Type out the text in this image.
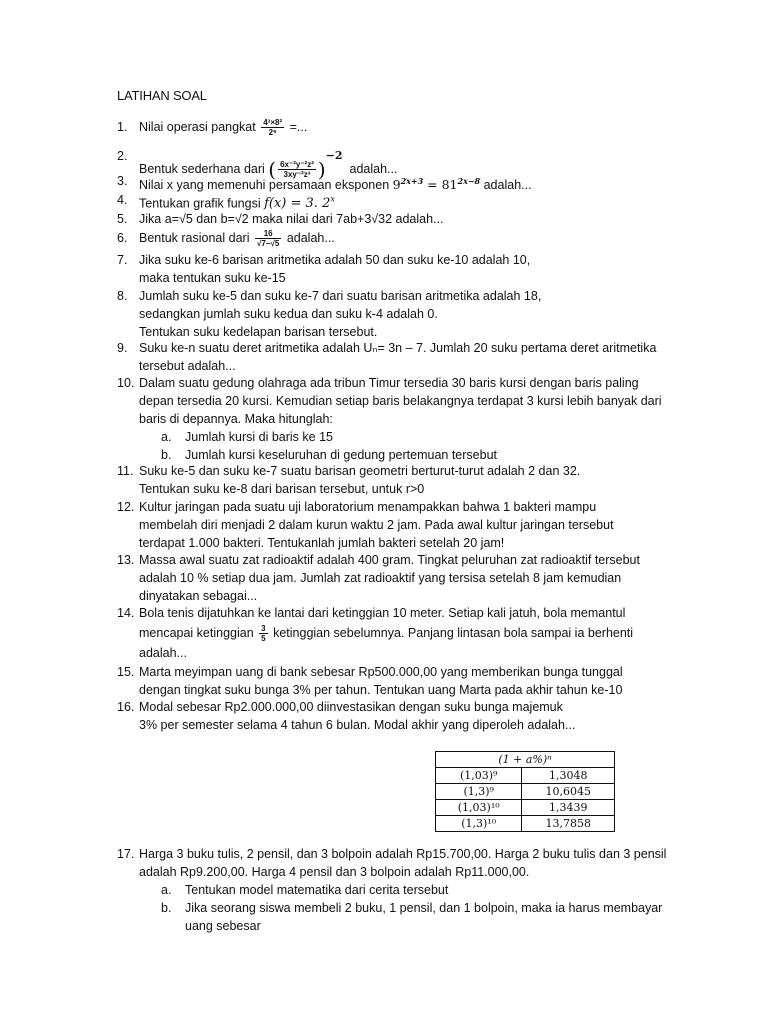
LATIHAN SOAL
1. Nilai operasi pangkat $\frac{\text{4³×8²}}{\text{2⁶}}$ =...
2.
Bentuk sederhana dari ( $\frac{\text{6x⁻²y⁻²z²}}{\text{3xy⁻²z³}} )-2$  adalah...
3. Nilai x yang memenuhi persamaan eksponen $9^{2x+3} = 81^{2x-8}$ adalah...
4. Tentukan grafik fungsi f(x) = 3. 2$^x$
5. Jika a=√5 dan b=√2 maka nilai dari 7ab+3√32 adalah...
6. Bentuk rasional dari $\frac{16}{√7-√5}$ adalah...
7. Jika suku ke-6 barisan aritmetika adalah 50 dan suku ke-10 adalah 10,
maka tentukan suku ke-15
8. Jumlah suku ke-5 dan suku ke-7 dari suatu barisan aritmetika adalah 18,
sedangkan jumlah suku kedua dan suku k-4 adalah 0.
Tentukan suku kedelapan barisan tersebut.
9. Suku ke-n suatu deret aritmetika adalah Uₙ= 3n – 7. Jumlah 20 suku pertama deret aritmetika
tersebut adalah...
10. Dalam suatu gedung olahraga ada tribun Timur tersedia 30 baris kursi dengan baris paling
depan tersedia 20 kursi. Kemudian setiap baris belakangnya terdapat 3 kursi lebih banyak dari
baris di depannya. Maka hitunglah:
a. Jumlah kursi di baris ke 15
b. Jumlah kursi keseluruhan di gedung pertemuan tersebut
11. Suku ke-5 dan suku ke-7 suatu barisan geometri berturut-turut adalah 2 dan 32.
Tentukan suku ke-8 dari barisan tersebut, untuk r>0
12. Kultur jaringan pada suatu uji laboratorium menampakkan bahwa 1 bakteri mampu
membelah diri menjadi 2 dalam kurun waktu 2 jam. Pada awal kultur jaringan tersebut
terdapat 1.000 bakteri. Tentukanlah jumlah bakteri setelah 20 jam!
13. Massa awal suatu zat radioaktif adalah 400 gram. Tingkat peluruhan zat radioaktif tersebut
adalah 10 % setiap dua jam. Jumlah zat radioaktif yang tersisa setelah 8 jam kemudian
dinyatakan sebagai...
14. Bola tenis dijatuhkan ke lantai dari ketinggian 10 meter. Setiap kali jatuh, bola memantul
mencapai ketinggian $\frac{3}{5}$ ketinggian sebelumnya. Panjang lintasan bola sampai ia berhenti
adalah...
15. Marta meyimpan uang di bank sebesar Rp500.000,00 yang memberikan bunga tunggal
dengan tingkat suku bunga 3% per tahun. Tentukan uang Marta pada akhir tahun ke-10
16. Modal sebesar Rp2.000.000,00 diinvestasikan dengan suku bunga majemuk
3% per semester selama 4 tahun 6 bulan. Modal akhir yang diperoleh adalah...
(1 + a%)ⁿ	
(1,03)⁹	1,3048
(1,3)⁹	10,6045
(1,03)¹⁰	1,3439
(1,3)¹⁰	13,7858
17. Harga 3 buku tulis, 2 pensil, dan 3 bolpoin adalah Rp15.700,00. Harga 2 buku tulis dan 3 pensil
adalah Rp9.200,00. Harga 4 pensil dan 3 bolpoin adalah Rp11.000,00.
a. Tentukan model matematika dari cerita tersebut
b. Jika seorang siswa membeli 2 buku, 1 pensil, dan 1 bolpoin, maka ia harus membayar uang sebesar
